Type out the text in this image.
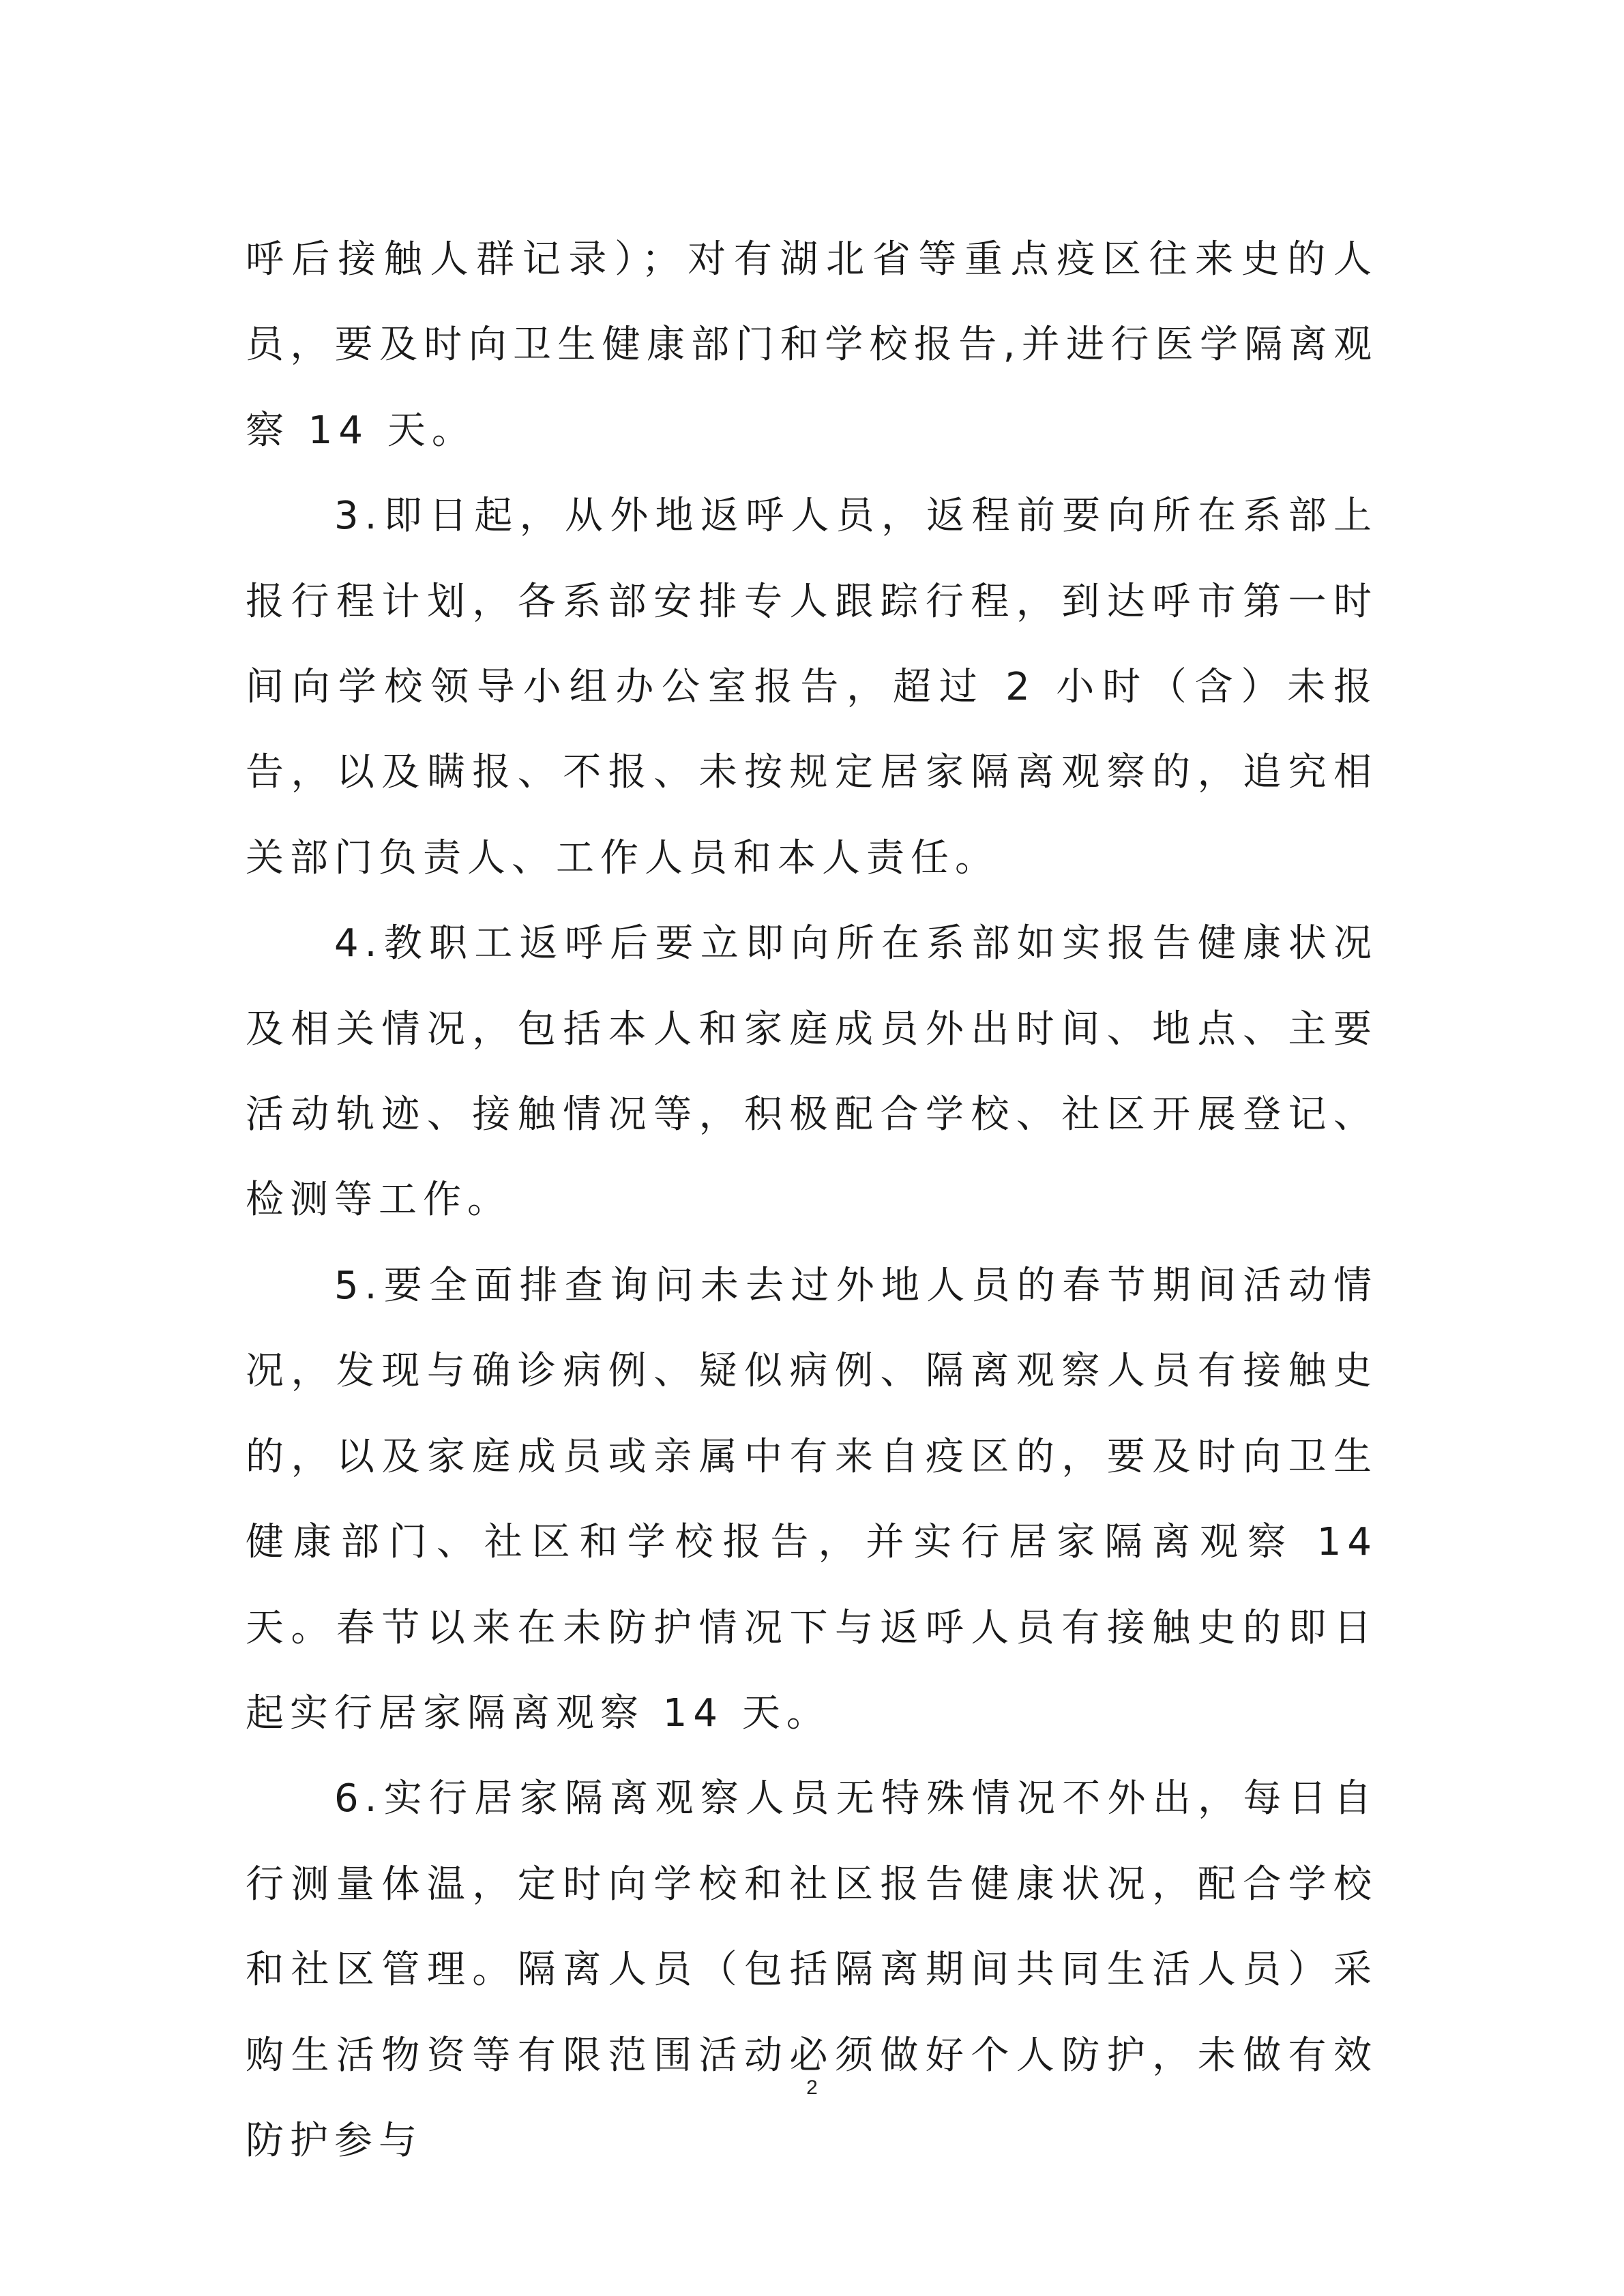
呼后接触人群记录）；对有湖北省等重点疫区往来史的人员，要及时向卫生健康部门和学校报告,并进行医学隔离观察 14 天。

3.即日起，从外地返呼人员，返程前要向所在系部上报行程计划，各系部安排专人跟踪行程，到达呼市第一时间向学校领导小组办公室报告，超过 2 小时（含）未报告，以及瞒报、不报、未按规定居家隔离观察的，追究相关部门负责人、工作人员和本人责任。

4.教职工返呼后要立即向所在系部如实报告健康状况及相关情况，包括本人和家庭成员外出时间、地点、主要活动轨迹、接触情况等，积极配合学校、社区开展登记、检测等工作。

5.要全面排查询问未去过外地人员的春节期间活动情况，发现与确诊病例、疑似病例、隔离观察人员有接触史的，以及家庭成员或亲属中有来自疫区的，要及时向卫生健康部门、社区和学校报告，并实行居家隔离观察 14 天。春节以来在未防护情况下与返呼人员有接触史的即日起实行居家隔离观察 14 天。

6.实行居家隔离观察人员无特殊情况不外出，每日自行测量体温，定时向学校和社区报告健康状况，配合学校和社区管理。隔离人员（包括隔离期间共同生活人员）采购生活物资等有限范围活动必须做好个人防护，未做有效防护参与

2
